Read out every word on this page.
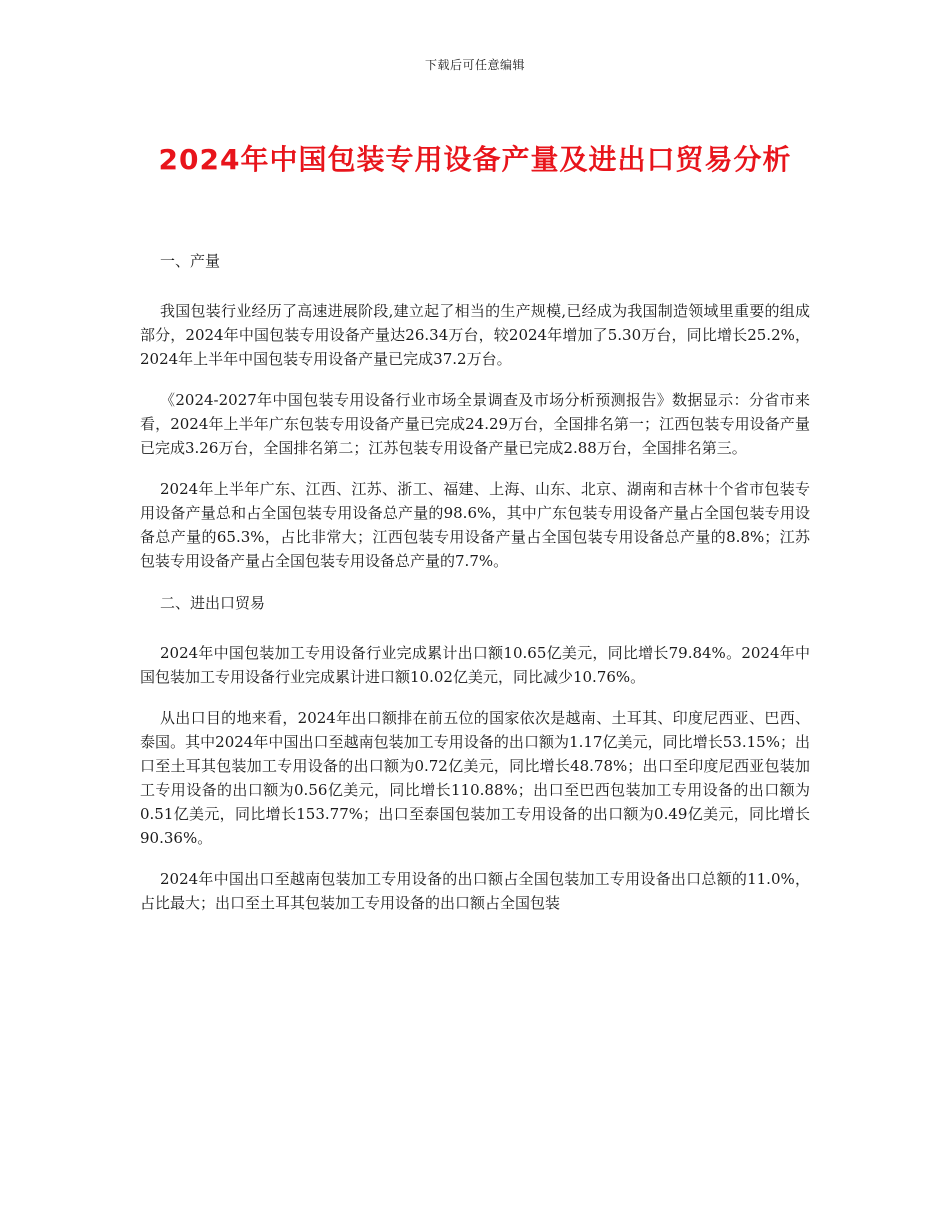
下载后可任意编辑
2024年中国包装专用设备产量及进出口贸易分析

一、产量

我国包装行业经历了高速进展阶段,建立起了相当的生产规模,已经成为我国制造领域里重要的组成部分，2024年中国包装专用设备产量达26.34万台，较2024年增加了5.30万台，同比增长25.2%，2024年上半年中国包装专用设备产量已完成37.2万台。

《2024-2027年中国包装专用设备行业市场全景调查及市场分析预测报告》数据显示：分省市来看，2024年上半年广东包装专用设备产量已完成24.29万台，全国排名第一；江西包装专用设备产量已完成3.26万台，全国排名第二；江苏包装专用设备产量已完成2.88万台，全国排名第三。

2024年上半年广东、江西、江苏、浙工、福建、上海、山东、北京、湖南和吉林十个省市包装专用设备产量总和占全国包装专用设备总产量的98.6%，其中广东包装专用设备产量占全国包装专用设备总产量的65.3%，占比非常大；江西包装专用设备产量占全国包装专用设备总产量的8.8%；江苏包装专用设备产量占全国包装专用设备总产量的7.7%。

二、进出口贸易

2024年中国包装加工专用设备行业完成累计出口额10.65亿美元，同比增长79.84%。2024年中国包装加工专用设备行业完成累计进口额10.02亿美元，同比减少10.76%。

从出口目的地来看，2024年出口额排在前五位的国家依次是越南、土耳其、印度尼西亚、巴西、泰国。其中2024年中国出口至越南包装加工专用设备的出口额为1.17亿美元，同比增长53.15%；出口至土耳其包装加工专用设备的出口额为0.72亿美元，同比增长48.78%；出口至印度尼西亚包装加工专用设备的出口额为0.56亿美元，同比增长110.88%；出口至巴西包装加工专用设备的出口额为0.51亿美元，同比增长153.77%；出口至泰国包装加工专用设备的出口额为0.49亿美元，同比增长90.36%。

2024年中国出口至越南包装加工专用设备的出口额占全国包装加工专用设备出口总额的11.0%，占比最大；出口至土耳其包装加工专用设备的出口额占全国包装
